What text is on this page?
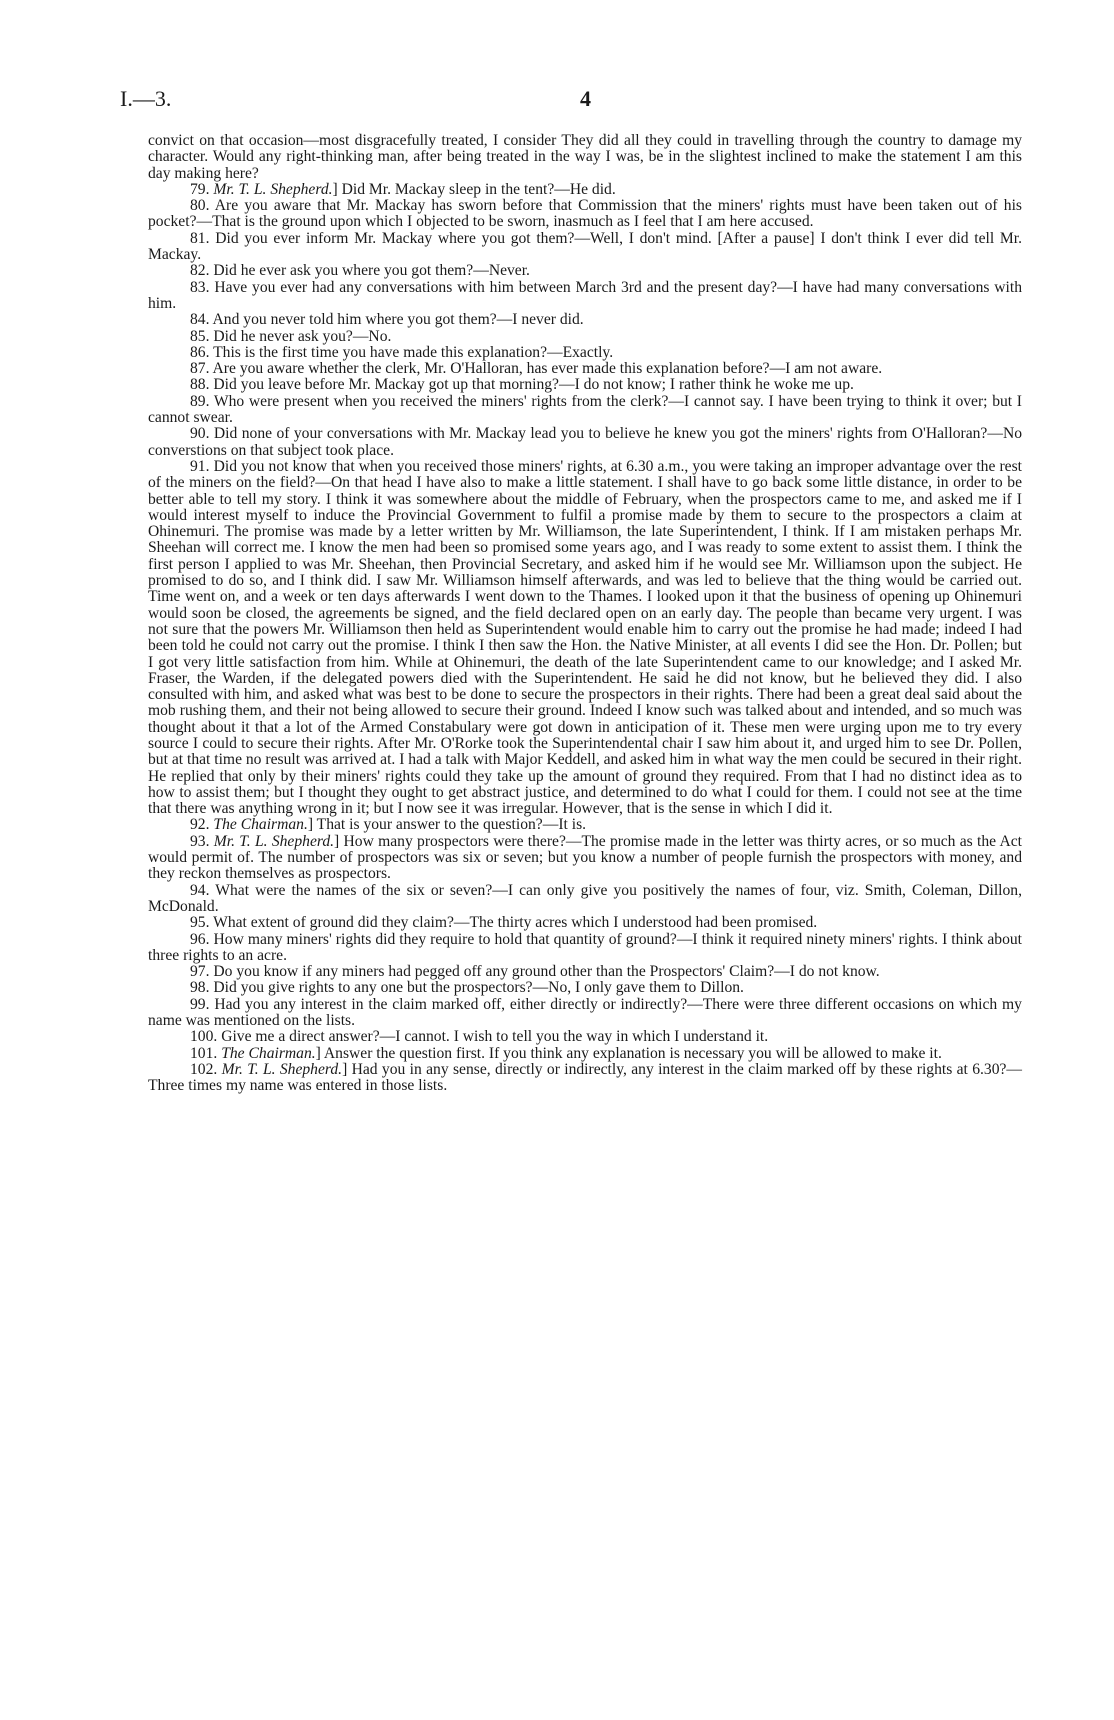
I.—3.	4

convict on that occasion—most disgracefully treated, I consider They did all they could in travelling through the country to damage my character. Would any right-thinking man, after being treated in the way I was, be in the slightest inclined to make the statement I am this day making here?

79. Mr. T. L. Shepherd.] Did Mr. Mackay sleep in the tent?—He did.

80. Are you aware that Mr. Mackay has sworn before that Commission that the miners' rights must have been taken out of his pocket?—That is the ground upon which I objected to be sworn, inasmuch as I feel that I am here accused.

81. Did you ever inform Mr. Mackay where you got them?—Well, I don't mind. [After a pause] I don't think I ever did tell Mr. Mackay.

82. Did he ever ask you where you got them?—Never.

83. Have you ever had any conversations with him between March 3rd and the present day?—I have had many conversations with him.

84. And you never told him where you got them?—I never did.

85. Did he never ask you?—No.

86. This is the first time you have made this explanation?—Exactly.

87. Are you aware whether the clerk, Mr. O'Halloran, has ever made this explanation before?—I am not aware.

88. Did you leave before Mr. Mackay got up that morning?—I do not know; I rather think he woke me up.

89. Who were present when you received the miners' rights from the clerk?—I cannot say. I have been trying to think it over; but I cannot swear.

90. Did none of your conversations with Mr. Mackay lead you to believe he knew you got the miners' rights from O'Halloran?—No converstions on that subject took place.

91. Did you not know that when you received those miners' rights, at 6.30 a.m., you were taking an improper advantage over the rest of the miners on the field?—On that head I have also to make a little statement. I shall have to go back some little distance, in order to be better able to tell my story. I think it was somewhere about the middle of February, when the prospectors came to me, and asked me if I would interest myself to induce the Provincial Government to fulfil a promise made by them to secure to the prospectors a claim at Ohinemuri. The promise was made by a letter written by Mr. Williamson, the late Superintendent, I think. If I am mistaken perhaps Mr. Sheehan will correct me. I know the men had been so promised some years ago, and I was ready to some extent to assist them. I think the first person I applied to was Mr. Sheehan, then Provincial Secretary, and asked him if he would see Mr. Williamson upon the subject. He promised to do so, and I think did. I saw Mr. Williamson himself afterwards, and was led to believe that the thing would be carried out. Time went on, and a week or ten days afterwards I went down to the Thames. I looked upon it that the business of opening up Ohinemuri would soon be closed, the agreements be signed, and the field declared open on an early day. The people than became very urgent. I was not sure that the powers Mr. Williamson then held as Superintendent would enable him to carry out the promise he had made; indeed I had been told he could not carry out the promise. I think I then saw the Hon. the Native Minister, at all events I did see the Hon. Dr. Pollen; but I got very little satisfaction from him. While at Ohinemuri, the death of the late Superintendent came to our knowledge; and I asked Mr. Fraser, the Warden, if the delegated powers died with the Superintendent. He said he did not know, but he believed they did. I also consulted with him, and asked what was best to be done to secure the prospectors in their rights. There had been a great deal said about the mob rushing them, and their not being allowed to secure their ground. Indeed I know such was talked about and intended, and so much was thought about it that a lot of the Armed Constabulary were got down in anticipation of it. These men were urging upon me to try every source I could to secure their rights. After Mr. O'Rorke took the Superintendental chair I saw him about it, and urged him to see Dr. Pollen, but at that time no result was arrived at. I had a talk with Major Keddell, and asked him in what way the men could be secured in their right. He replied that only by their miners' rights could they take up the amount of ground they required. From that I had no distinct idea as to how to assist them; but I thought they ought to get abstract justice, and determined to do what I could for them. I could not see at the time that there was anything wrong in it; but I now see it was irregular. However, that is the sense in which I did it.

92. The Chairman.] That is your answer to the question?—It is.

93. Mr. T. L. Shepherd.] How many prospectors were there?—The promise made in the letter was thirty acres, or so much as the Act would permit of. The number of prospectors was six or seven; but you know a number of people furnish the prospectors with money, and they reckon themselves as prospectors.

94. What were the names of the six or seven?—I can only give you positively the names of four, viz. Smith, Coleman, Dillon, McDonald.

95. What extent of ground did they claim?—The thirty acres which I understood had been promised.

96. How many miners' rights did they require to hold that quantity of ground?—I think it required ninety miners' rights. I think about three rights to an acre.

97. Do you know if any miners had pegged off any ground other than the Prospectors' Claim?—I do not know.

98. Did you give rights to any one but the prospectors?—No, I only gave them to Dillon.

99. Had you any interest in the claim marked off, either directly or indirectly?—There were three different occasions on which my name was mentioned on the lists.

100. Give me a direct answer?—I cannot. I wish to tell you the way in which I understand it.

101. The Chairman.] Answer the question first. If you think any explanation is necessary you will be allowed to make it.

102. Mr. T. L. Shepherd.] Had you in any sense, directly or indirectly, any interest in the claim marked off by these rights at 6.30?—Three times my name was entered in those lists.
